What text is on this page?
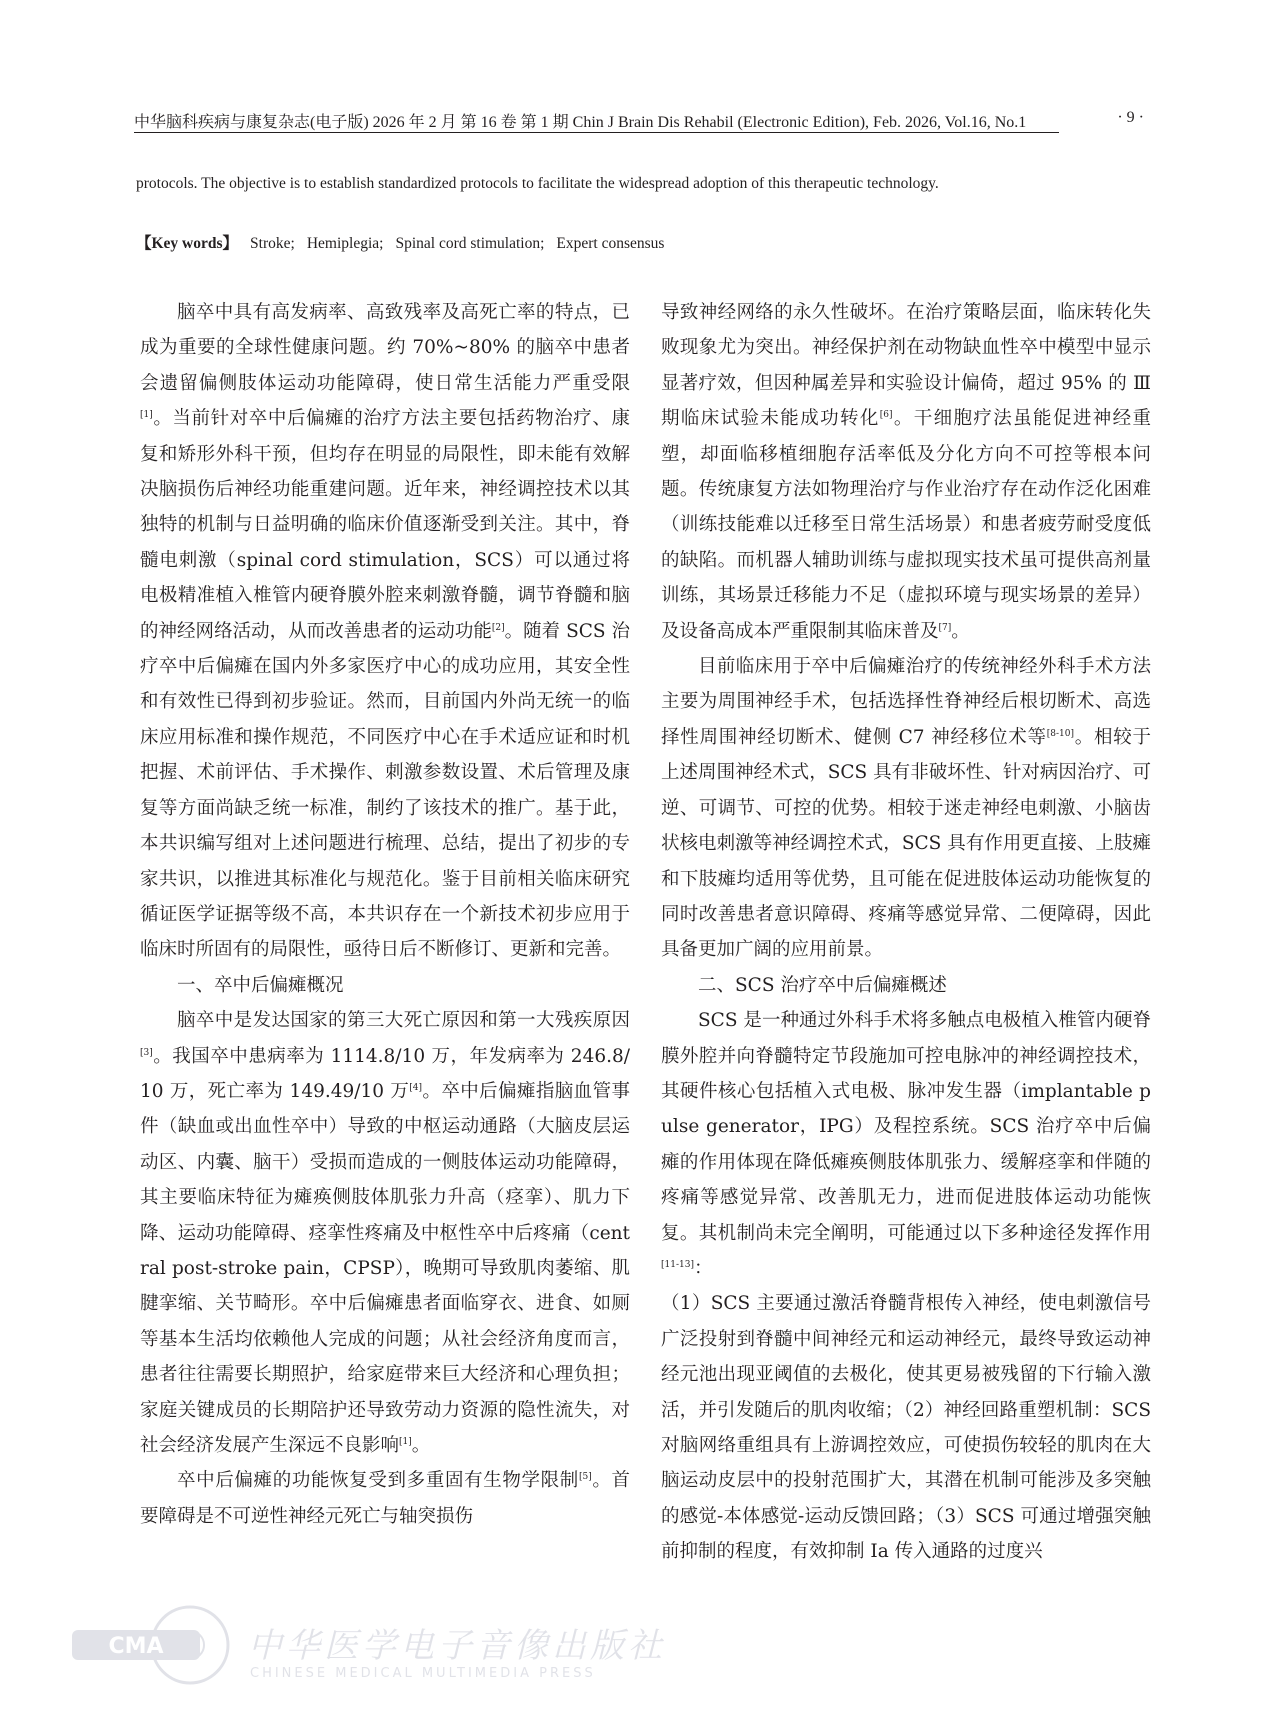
中华脑科疾病与康复杂志(电子版) 2026 年 2 月 第 16 卷 第 1 期 Chin J Brain Dis Rehabil (Electronic Edition), Feb. 2026, Vol.16, No.1	· 9 ·
protocols. The objective is to establish standardized protocols to facilitate the widespread adoption of this therapeutic technology.
【Key words】 Stroke; Hemiplegia; Spinal cord stimulation; Expert consensus

脑卒中具有高发病率、高致残率及高死亡率的特点，已成为重要的全球性健康问题。约 70%~80% 的脑卒中患者会遗留偏侧肢体运动功能障碍，使日常生活能力严重受限[1]。当前针对卒中后偏瘫的治疗方法主要包括药物治疗、康复和矫形外科干预，但均存在明显的局限性，即未能有效解决脑损伤后神经功能重建问题。近年来，神经调控技术以其独特的机制与日益明确的临床价值逐渐受到关注。其中，脊髓电刺激（spinal cord stimulation，SCS）可以通过将电极精准植入椎管内硬脊膜外腔来刺激脊髓，调节脊髓和脑的神经网络活动，从而改善患者的运动功能[2]。随着 SCS 治疗卒中后偏瘫在国内外多家医疗中心的成功应用，其安全性和有效性已得到初步验证。然而，目前国内外尚无统一的临床应用标准和操作规范，不同医疗中心在手术适应证和时机把握、术前评估、手术操作、刺激参数设置、术后管理及康复等方面尚缺乏统一标准，制约了该技术的推广。基于此，本共识编写组对上述问题进行梳理、总结，提出了初步的专家共识，以推进其标准化与规范化。鉴于目前相关临床研究循证医学证据等级不高，本共识存在一个新技术初步应用于临床时所固有的局限性，亟待日后不断修订、更新和完善。

一、卒中后偏瘫概况

脑卒中是发达国家的第三大死亡原因和第一大残疾原因[3]。我国卒中患病率为 1114.8/10 万，年发病率为 246.8/10 万，死亡率为 149.49/10 万[4]。卒中后偏瘫指脑血管事件（缺血或出血性卒中）导致的中枢运动通路（大脑皮层运动区、内囊、脑干）受损而造成的一侧肢体运动功能障碍，其主要临床特征为瘫痪侧肢体肌张力升高（痉挛）、肌力下降、运动功能障碍、痉挛性疼痛及中枢性卒中后疼痛（central post-stroke pain，CPSP），晚期可导致肌肉萎缩、肌腱挛缩、关节畸形。卒中后偏瘫患者面临穿衣、进食、如厕等基本生活均依赖他人完成的问题；从社会经济角度而言，患者往往需要长期照护，给家庭带来巨大经济和心理负担；家庭关键成员的长期陪护还导致劳动力资源的隐性流失，对社会经济发展产生深远不良影响[1]。

卒中后偏瘫的功能恢复受到多重固有生物学限制[5]。首要障碍是不可逆性神经元死亡与轴突损伤

导致神经网络的永久性破坏。在治疗策略层面，临床转化失败现象尤为突出。神经保护剂在动物缺血性卒中模型中显示显著疗效，但因种属差异和实验设计偏倚，超过 95% 的 Ⅲ 期临床试验未能成功转化[6]。干细胞疗法虽能促进神经重塑，却面临移植细胞存活率低及分化方向不可控等根本问题。传统康复方法如物理治疗与作业治疗存在动作泛化困难（训练技能难以迁移至日常生活场景）和患者疲劳耐受度低的缺陷。而机器人辅助训练与虚拟现实技术虽可提供高剂量训练，其场景迁移能力不足（虚拟环境与现实场景的差异）及设备高成本严重限制其临床普及[7]。

目前临床用于卒中后偏瘫治疗的传统神经外科手术方法主要为周围神经手术，包括选择性脊神经后根切断术、高选择性周围神经切断术、健侧 C7 神经移位术等[8-10]。相较于上述周围神经术式，SCS 具有非破坏性、针对病因治疗、可逆、可调节、可控的优势。相较于迷走神经电刺激、小脑齿状核电刺激等神经调控术式，SCS 具有作用更直接、上肢瘫和下肢瘫均适用等优势，且可能在促进肢体运动功能恢复的同时改善患者意识障碍、疼痛等感觉异常、二便障碍，因此具备更加广阔的应用前景。

二、SCS 治疗卒中后偏瘫概述

SCS 是一种通过外科手术将多触点电极植入椎管内硬脊膜外腔并向脊髓特定节段施加可控电脉冲的神经调控技术，其硬件核心包括植入式电极、脉冲发生器（implantable pulse generator，IPG）及程控系统。SCS 治疗卒中后偏瘫的作用体现在降低瘫痪侧肢体肌张力、缓解痉挛和伴随的疼痛等感觉异常、改善肌无力，进而促进肢体运动功能恢复。其机制尚未完全阐明，可能通过以下多种途径发挥作用[11-13]：

（1）SCS 主要通过激活脊髓背根传入神经，使电刺激信号广泛投射到脊髓中间神经元和运动神经元，最终导致运动神经元池出现亚阈值的去极化，使其更易被残留的下行输入激活，并引发随后的肌肉收缩；（2）神经回路重塑机制：SCS 对脑网络重组具有上游调控效应，可使损伤较轻的肌肉在大脑运动皮层中的投射范围扩大，其潜在机制可能涉及多突触的感觉-本体感觉-运动反馈回路；（3）SCS 可通过增强突触前抑制的程度，有效抑制 Ia 传入通路的过度兴

CMA 中华医学电子音像出版社
CHINESE MEDICAL MULTIMEDIA PRESS
